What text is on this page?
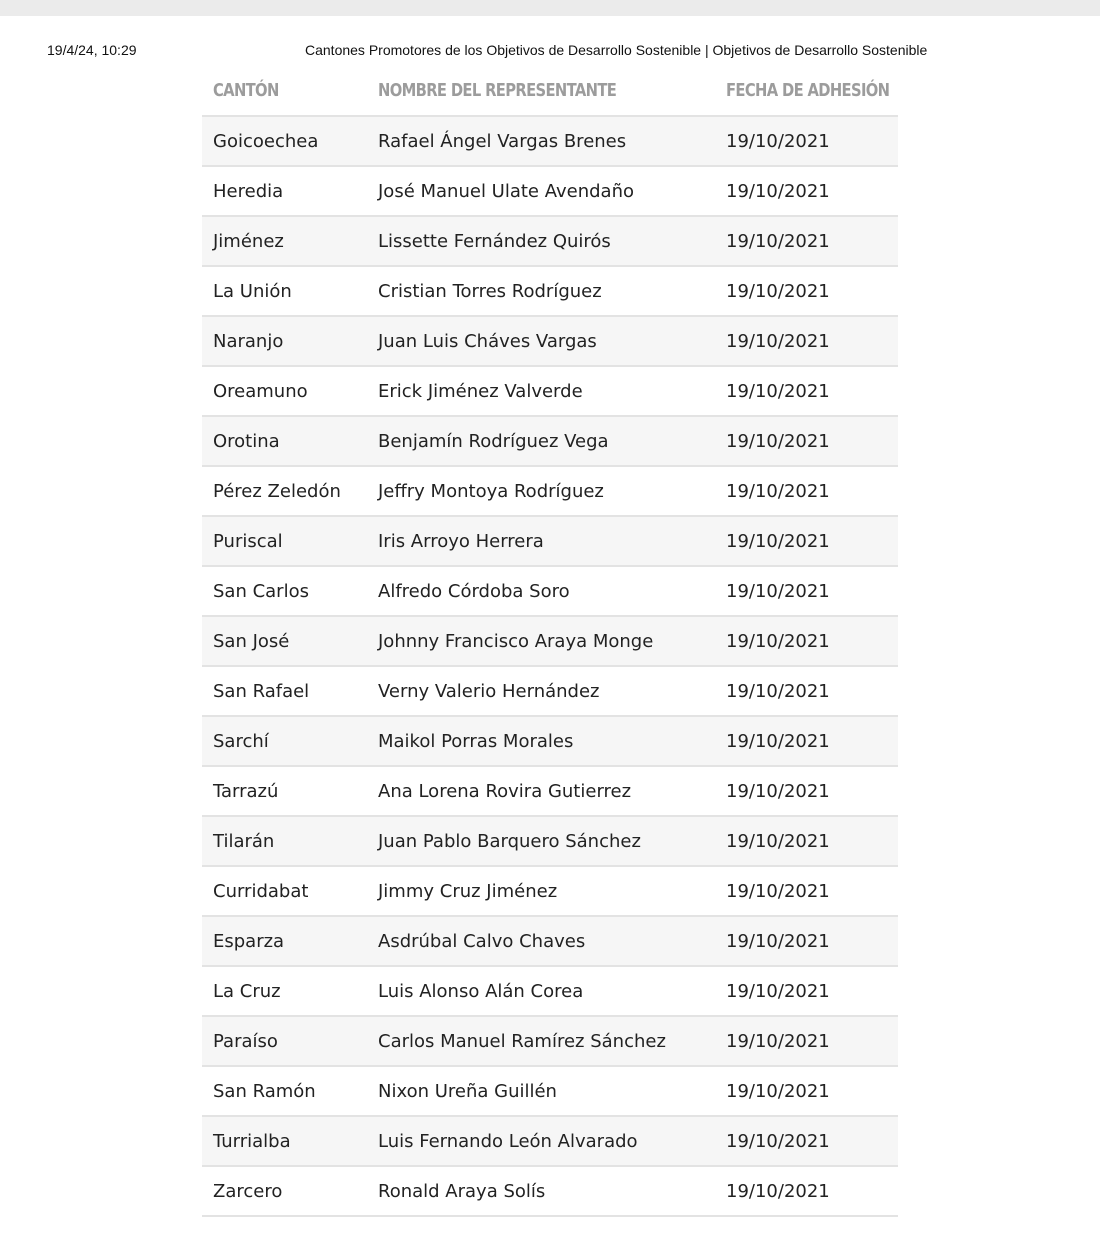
19/4/24, 10:29	Cantones Promotores de los Objetivos de Desarrollo Sostenible | Objetivos de Desarrollo Sostenible
CANTÓN	NOMBRE DEL REPRESENTANTE	FECHA DE ADHESIÓN
Goicoechea	Rafael Ángel Vargas Brenes	19/10/2021
Heredia	José Manuel Ulate Avendaño	19/10/2021
Jiménez	Lissette Fernández Quirós	19/10/2021
La Unión	Cristian Torres Rodríguez	19/10/2021
Naranjo	Juan Luis Cháves Vargas	19/10/2021
Oreamuno	Erick Jiménez Valverde	19/10/2021
Orotina	Benjamín Rodríguez Vega	19/10/2021
Pérez Zeledón	Jeffry Montoya Rodríguez	19/10/2021
Puriscal	Iris Arroyo Herrera	19/10/2021
San Carlos	Alfredo Córdoba Soro	19/10/2021
San José	Johnny Francisco Araya Monge	19/10/2021
San Rafael	Verny Valerio Hernández	19/10/2021
Sarchí	Maikol Porras Morales	19/10/2021
Tarrazú	Ana Lorena Rovira Gutierrez	19/10/2021
Tilarán	Juan Pablo Barquero Sánchez	19/10/2021
Curridabat	Jimmy Cruz Jiménez	19/10/2021
Esparza	Asdrúbal Calvo Chaves	19/10/2021
La Cruz	Luis Alonso Alán Corea	19/10/2021
Paraíso	Carlos Manuel Ramírez Sánchez	19/10/2021
San Ramón	Nixon Ureña Guillén	19/10/2021
Turrialba	Luis Fernando León Alvarado	19/10/2021
Zarcero	Ronald Araya Solís	19/10/2021
